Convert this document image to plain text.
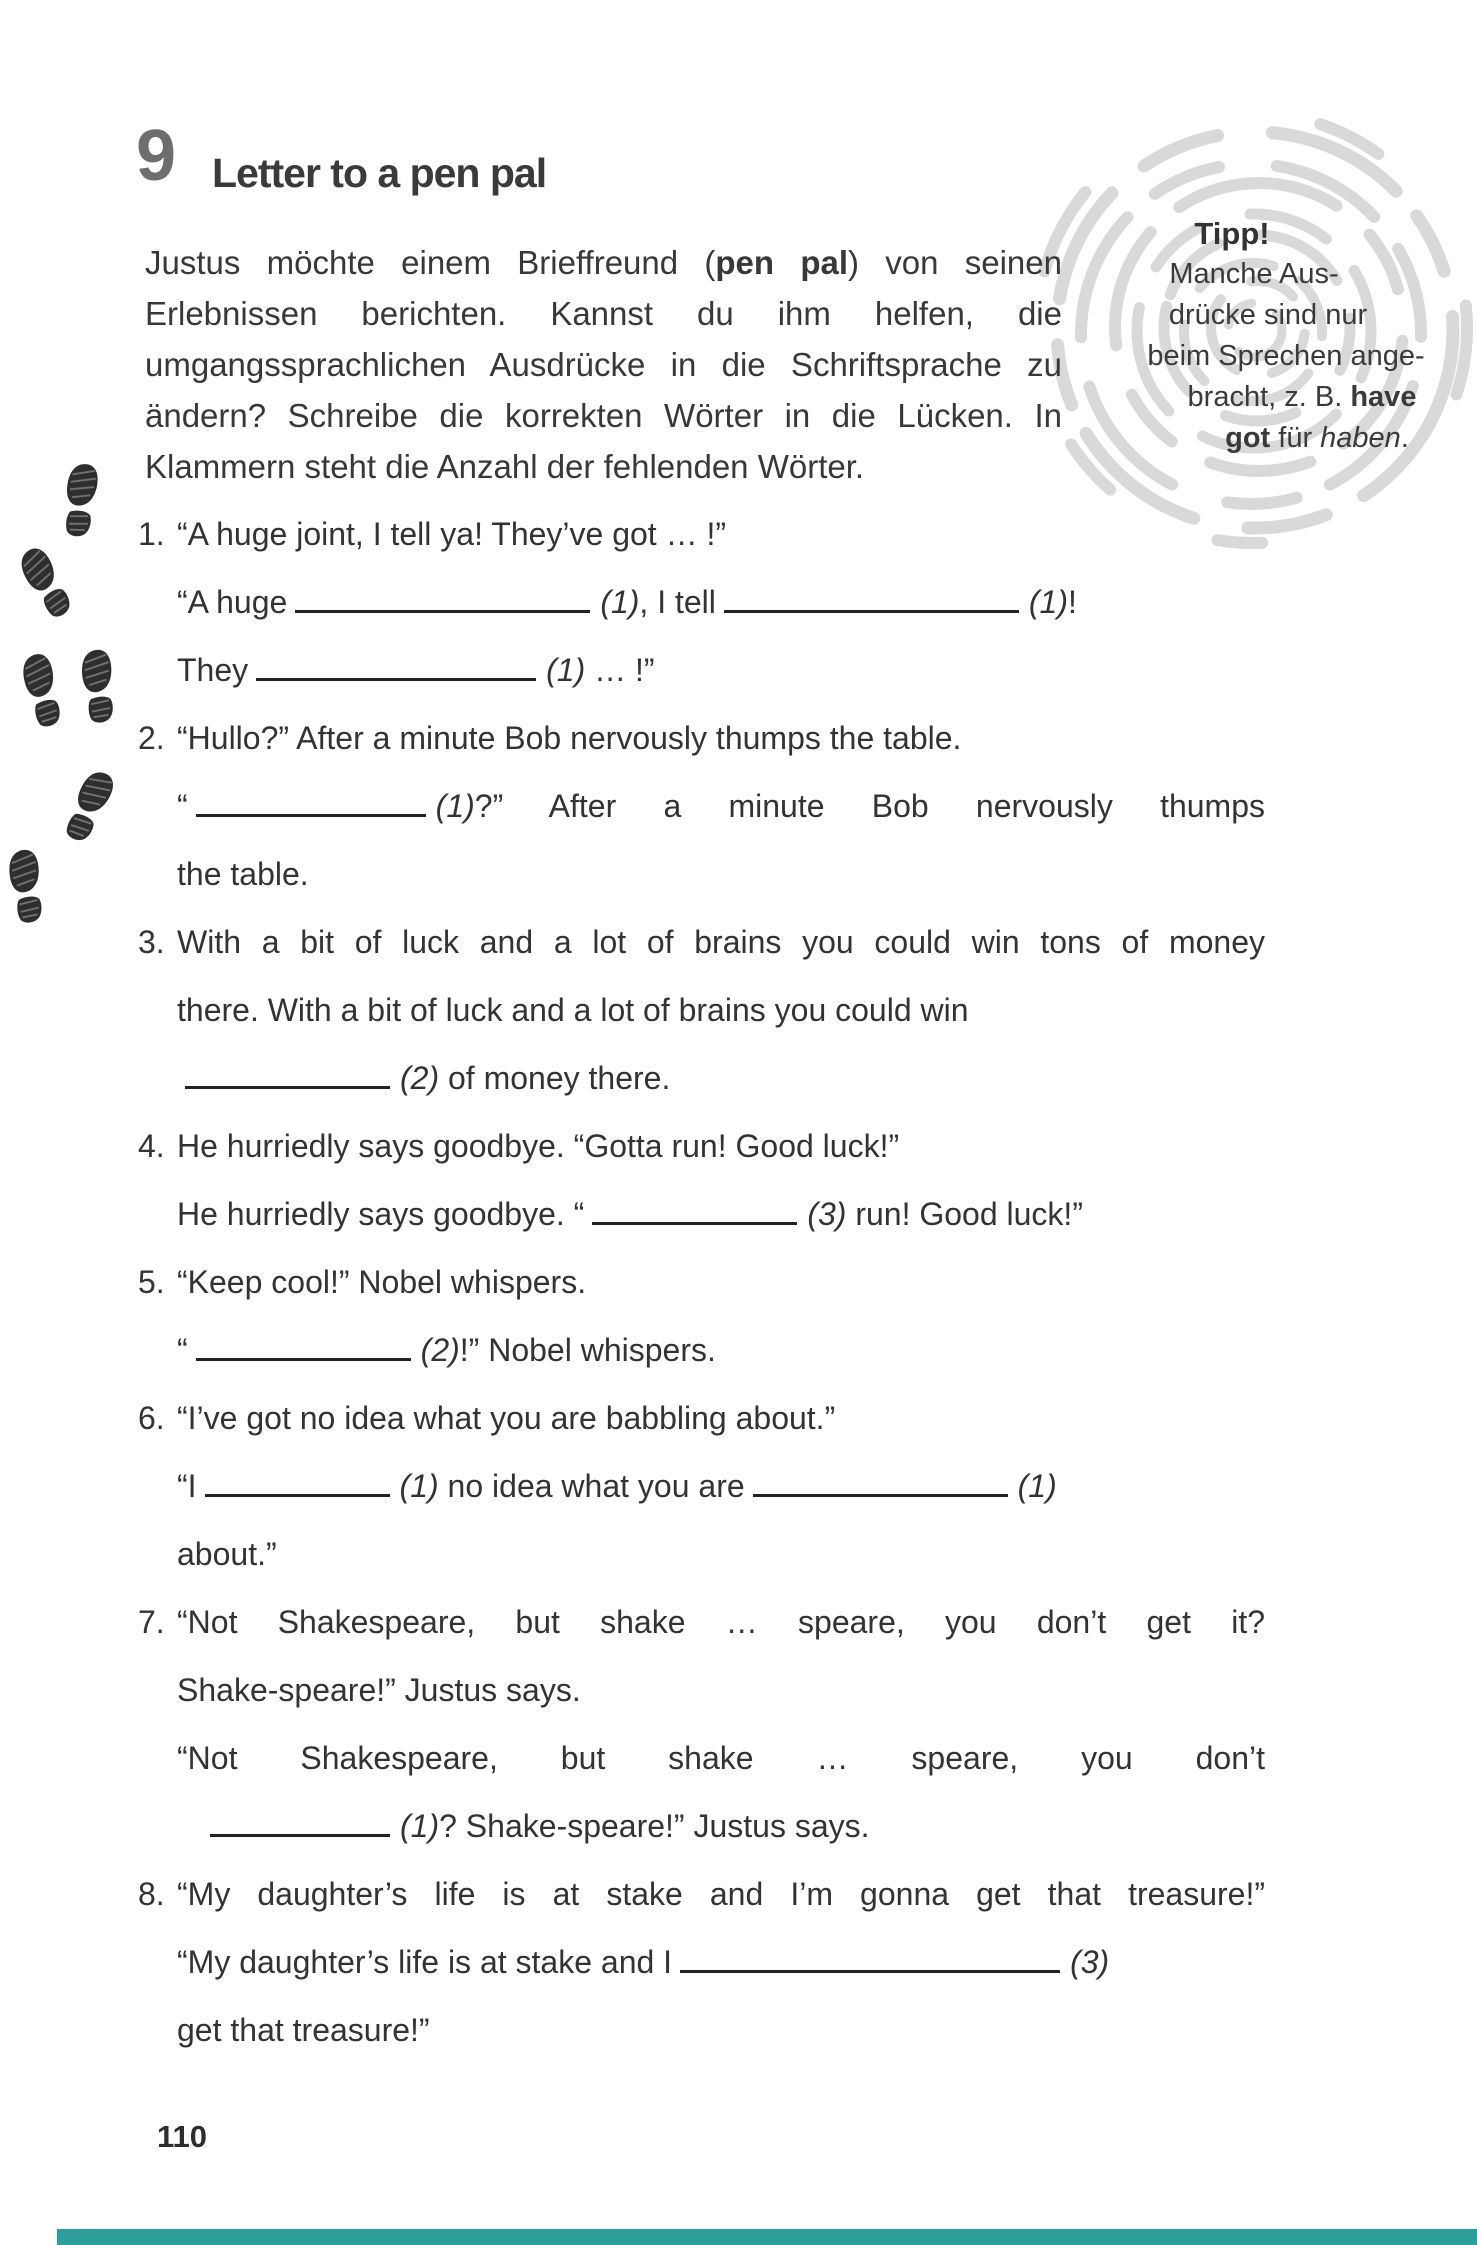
9 Letter to a pen pal
Tipp!
Manche Aus-
drücke sind nur
beim Sprechen ange-
bracht, z. B. have
got für haben.
Justus möchte einem Brieffreund (pen pal) von seinen
Erlebnissen berichten. Kannst du ihm helfen, die
umgangssprachlichen Ausdrücke in die Schriftsprache zu
ändern? Schreibe die korrekten Wörter in die Lücken. In
Klammern steht die Anzahl der fehlenden Wörter.
1. “A huge joint, I tell ya! They’ve got … !”
“A huge	(1), I tell	(1)!
They	(1) … !”
2. “Hullo?” After a minute Bob nervously thumps the table.
“	(1)?” After a minute Bob nervously thumps
the table.
3. With a bit of luck and a lot of brains you could win tons of money
there. With a bit of luck and a lot of brains you could win
(2) of money there.
4. He hurriedly says goodbye. “Gotta run! Good luck!”
He hurriedly says goodbye. “	(3) run! Good luck!”
5. “Keep cool!” Nobel whispers.
“	(2)!” Nobel whispers.
6. “I’ve got no idea what you are babbling about.”
“I	(1) no idea what you are	(1)
about.”
7. “Not Shakespeare, but shake … speare, you don’t get it?
Shake-speare!” Justus says.
“Not Shakespeare, but shake … speare, you don’t
(1)? Shake-speare!” Justus says.
8. “My daughter’s life is at stake and I’m gonna get that treasure!”
“My daughter’s life is at stake and I	(3)
get that treasure!”
110
